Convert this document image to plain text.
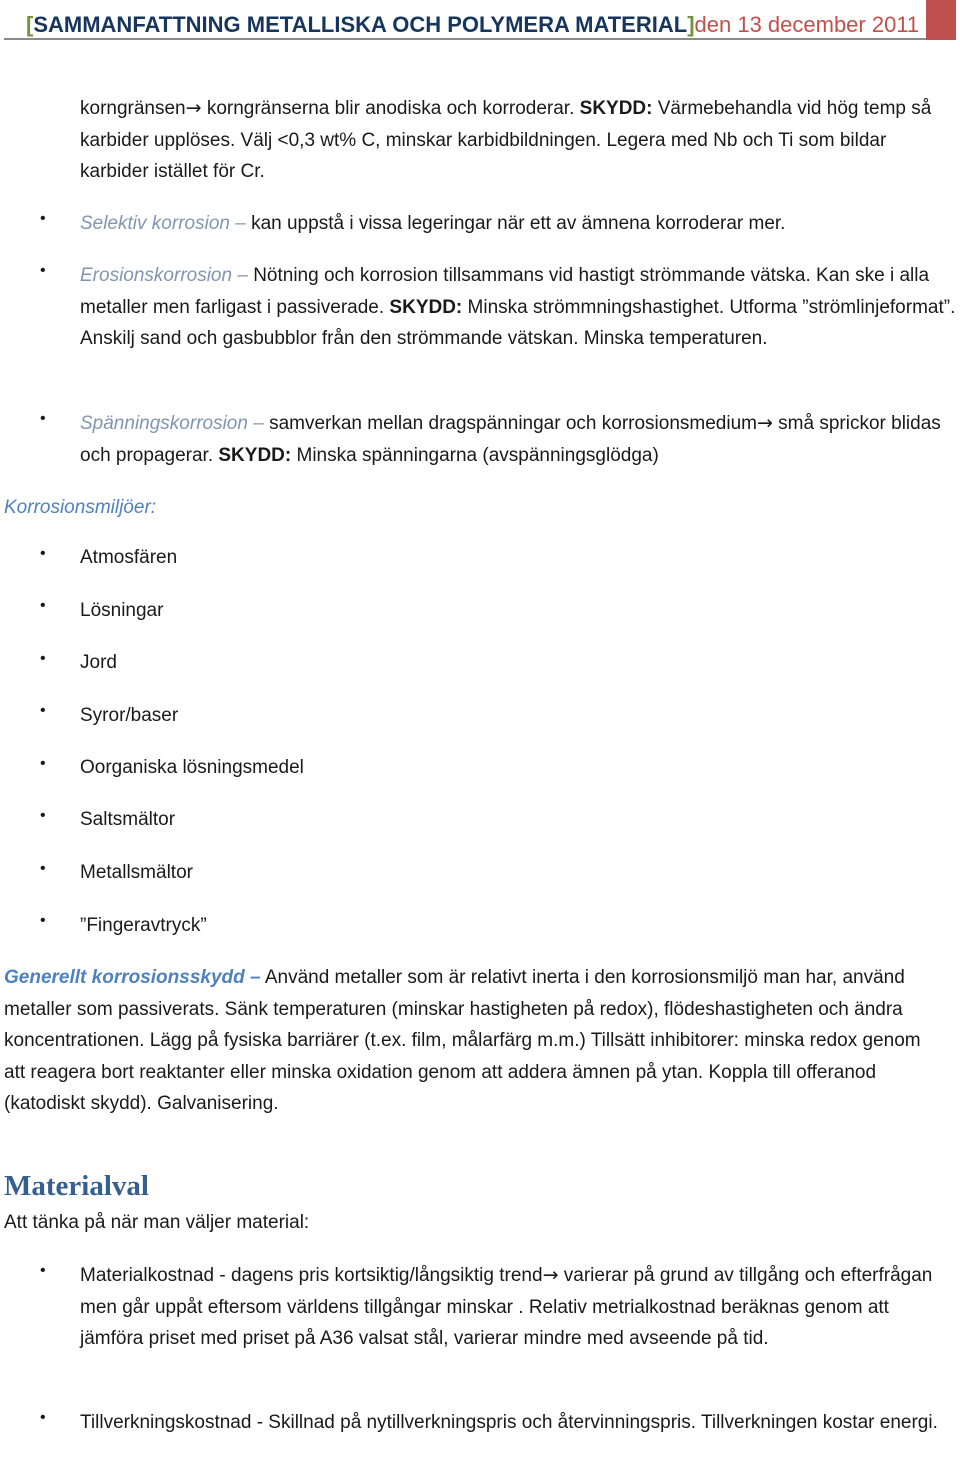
[SAMMANFATTNING METALLISKA OCH POLYMERA MATERIAL]den 13 december 2011
korngränsen→ korngränserna blir anodiska och korroderar. SKYDD: Värmebehandla vid hög temp så karbider upplöses. Välj <0,3 wt% C, minskar karbidbildningen. Legera med Nb och Ti som bildar karbider istället för Cr.
• Selektiv korrosion – kan uppstå i vissa legeringar när ett av ämnena korroderar mer.
• Erosionskorrosion – Nötning och korrosion tillsammans vid hastigt strömmande vätska. Kan ske i alla metaller men farligast i passiverade. SKYDD: Minska strömmningshastighet. Utforma ”strömlinjeformat”. Anskilj sand och gasbubblor från den strömmande vätskan. Minska temperaturen.
• Spänningskorrosion – samverkan mellan dragspänningar och korrosionsmedium→ små sprickor blidas och propagerar. SKYDD: Minska spänningarna (avspänningsglödga)
Korrosionsmiljöer:
• Atmosfären
• Lösningar
• Jord
• Syror/baser
• Oorganiska lösningsmedel
• Saltsmältor
• Metallsmältor
• ”Fingeravtryck”
Generellt korrosionsskydd – Använd metaller som är relativt inerta i den korrosionsmiljö man har, använd metaller som passiverats. Sänk temperaturen (minskar hastigheten på redox), flödeshastigheten och ändra koncentrationen. Lägg på fysiska barriärer (t.ex. film, målarfärg m.m.) Tillsätt inhibitorer: minska redox genom att reagera bort reaktanter eller minska oxidation genom att addera ämnen på ytan. Koppla till offeranod (katodiskt skydd). Galvanisering.
Materialval
Att tänka på när man väljer material:
• Materialkostnad - dagens pris kortsiktig/långsiktig trend→ varierar på grund av tillgång och efterfrågan men går uppåt eftersom världens tillgångar minskar . Relativ metrialkostnad beräknas genom att jämföra priset med priset på A36 valsat stål, varierar mindre med avseende på tid.
• Tillverkningskostnad - Skillnad på nytillverkningspris och återvinningspris. Tillverkningen kostar energi.
